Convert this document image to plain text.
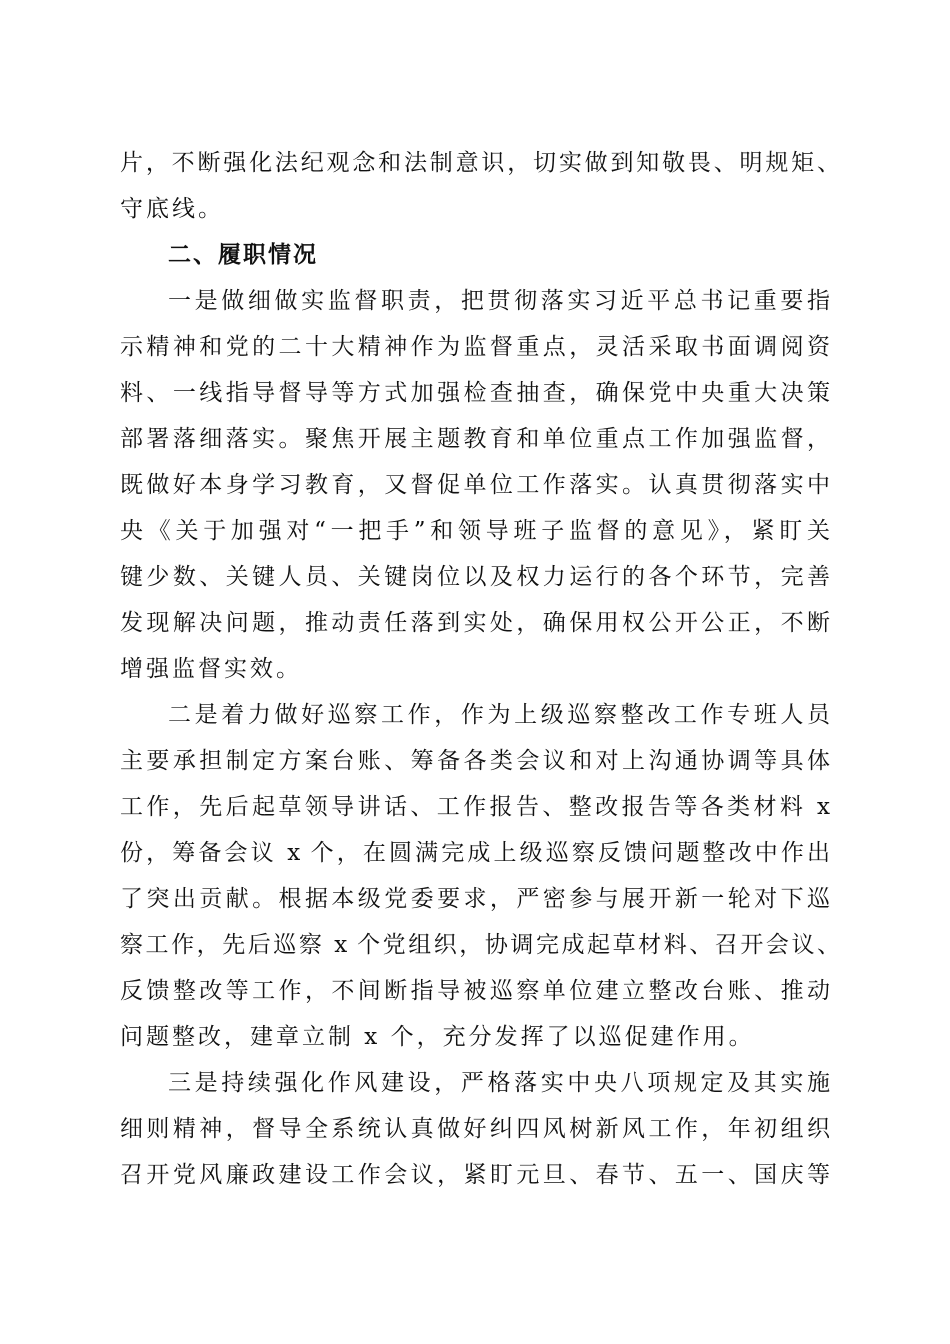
片，不断强化法纪观念和法制意识，切实做到知敬畏、明规矩、
守底线。
二、履职情况
一是做细做实监督职责，把贯彻落实习近平总书记重要指
示精神和党的二十大精神作为监督重点，灵活采取书面调阅资
料、一线指导督导等方式加强检查抽查，确保党中央重大决策
部署落细落实。聚焦开展主题教育和单位重点工作加强监督，
既做好本身学习教育，又督促单位工作落实。认真贯彻落实中
央《关于加强对“一把手”和领导班子监督的意见》，紧盯关
键少数、关键人员、关键岗位以及权力运行的各个环节，完善
发现解决问题，推动责任落到实处，确保用权公开公正，不断
增强监督实效。
二是着力做好巡察工作，作为上级巡察整改工作专班人员
主要承担制定方案台账、筹备各类会议和对上沟通协调等具体
工作，先后起草领导讲话、工作报告、整改报告等各类材料 x
份，筹备会议 x 个，在圆满完成上级巡察反馈问题整改中作出
了突出贡献。根据本级党委要求，严密参与展开新一轮对下巡
察工作，先后巡察 x 个党组织，协调完成起草材料、召开会议、
反馈整改等工作，不间断指导被巡察单位建立整改台账、推动
问题整改，建章立制 x 个，充分发挥了以巡促建作用。
三是持续强化作风建设，严格落实中央八项规定及其实施
细则精神，督导全系统认真做好纠四风树新风工作，年初组织
召开党风廉政建设工作会议，紧盯元旦、春节、五一、国庆等
